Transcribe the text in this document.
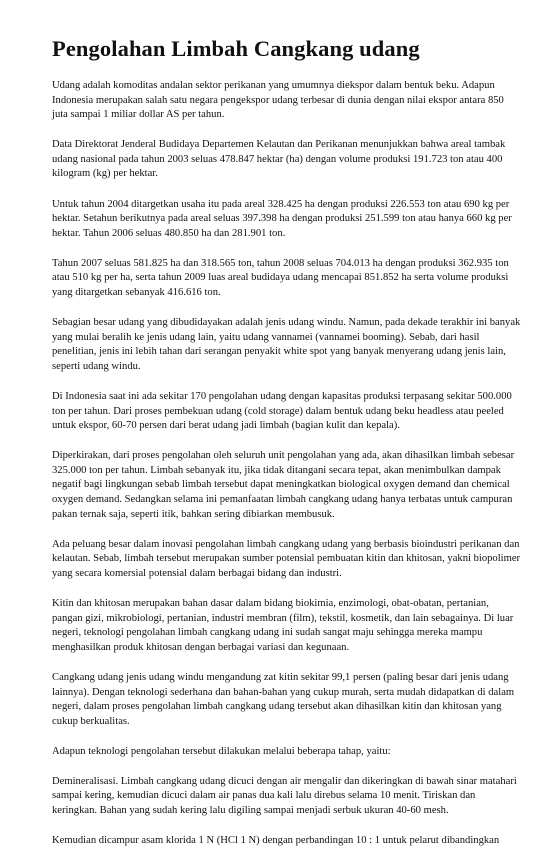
Pengolahan Limbah Cangkang udang

Udang adalah komoditas andalan sektor perikanan yang umumnya diekspor dalam bentuk beku. Adapun Indonesia merupakan salah satu negara pengekspor udang terbesar di dunia dengan nilai ekspor antara 850 juta sampai 1 miliar dollar AS per tahun.

Data Direktorat Jenderal Budidaya Departemen Kelautan dan Perikanan menunjukkan bahwa areal tambak udang nasional pada tahun 2003 seluas 478.847 hektar (ha) dengan volume produksi 191.723 ton atau 400 kilogram (kg) per hektar.

Untuk tahun 2004 ditargetkan usaha itu pada areal 328.425 ha dengan produksi 226.553 ton atau 690 kg per hektar. Setahun berikutnya pada areal seluas 397.398 ha dengan produksi 251.599 ton atau hanya 660 kg per hektar. Tahun 2006 seluas 480.850 ha dan 281.901 ton.

Tahun 2007 seluas 581.825 ha dan 318.565 ton, tahun 2008 seluas 704.013 ha dengan produksi 362.935 ton atau 510 kg per ha, serta tahun 2009 luas areal budidaya udang mencapai 851.852 ha serta volume produksi yang ditargetkan sebanyak 416.616 ton.

Sebagian besar udang yang dibudidayakan adalah jenis udang windu. Namun, pada dekade terakhir ini banyak yang mulai beralih ke jenis udang lain, yaitu udang vannamei (vannamei booming). Sebab, dari hasil penelitian, jenis ini lebih tahan dari serangan penyakit white spot yang banyak menyerang udang jenis lain, seperti udang windu.

Di Indonesia saat ini ada sekitar 170 pengolahan udang dengan kapasitas produksi terpasang sekitar 500.000 ton per tahun. Dari proses pembekuan udang (cold storage) dalam bentuk udang beku headless atau peeled untuk ekspor, 60-70 persen dari berat udang jadi limbah (bagian kulit dan kepala).

Diperkirakan, dari proses pengolahan oleh seluruh unit pengolahan yang ada, akan dihasilkan limbah sebesar 325.000 ton per tahun. Limbah sebanyak itu, jika tidak ditangani secara tepat, akan menimbulkan dampak negatif bagi lingkungan sebab limbah tersebut dapat meningkatkan biological oxygen demand dan chemical oxygen demand. Sedangkan selama ini pemanfaatan limbah cangkang udang hanya terbatas untuk campuran pakan ternak saja, seperti itik, bahkan sering dibiarkan membusuk.

Ada peluang besar dalam inovasi pengolahan limbah cangkang udang yang berbasis bioindustri perikanan dan kelautan. Sebab, limbah tersebut merupakan sumber potensial pembuatan kitin dan khitosan, yakni biopolimer yang secara komersial potensial dalam berbagai bidang dan industri.

Kitin dan khitosan merupakan bahan dasar dalam bidang biokimia, enzimologi, obat-obatan, pertanian, pangan gizi, mikrobiologi, pertanian, industri membran (film), tekstil, kosmetik, dan lain sebagainya. Di luar negeri, teknologi pengolahan limbah cangkang udang ini sudah sangat maju sehingga mereka mampu menghasilkan produk khitosan dengan berbagai variasi dan kegunaan.

Cangkang udang jenis udang windu mengandung zat kitin sekitar 99,1 persen (paling besar dari jenis udang lainnya). Dengan teknologi sederhana dan bahan-bahan yang cukup murah, serta mudah didapatkan di dalam negeri, dalam proses pengolahan limbah cangkang udang tersebut akan dihasilkan kitin dan khitosan yang cukup berkualitas.

Adapun teknologi pengolahan tersebut dilakukan melalui beberapa tahap, yaitu:

Demineralisasi. Limbah cangkang udang dicuci dengan air mengalir dan dikeringkan di bawah sinar matahari sampai kering, kemudian dicuci dalam air panas dua kali lalu direbus selama 10 menit. Tiriskan dan keringkan. Bahan yang sudah kering lalu digiling sampai menjadi serbuk ukuran 40-60 mesh.

Kemudian dicampur asam klorida 1 N (HCl 1 N) dengan perbandingan 10 : 1 untuk pelarut dibandingkan
